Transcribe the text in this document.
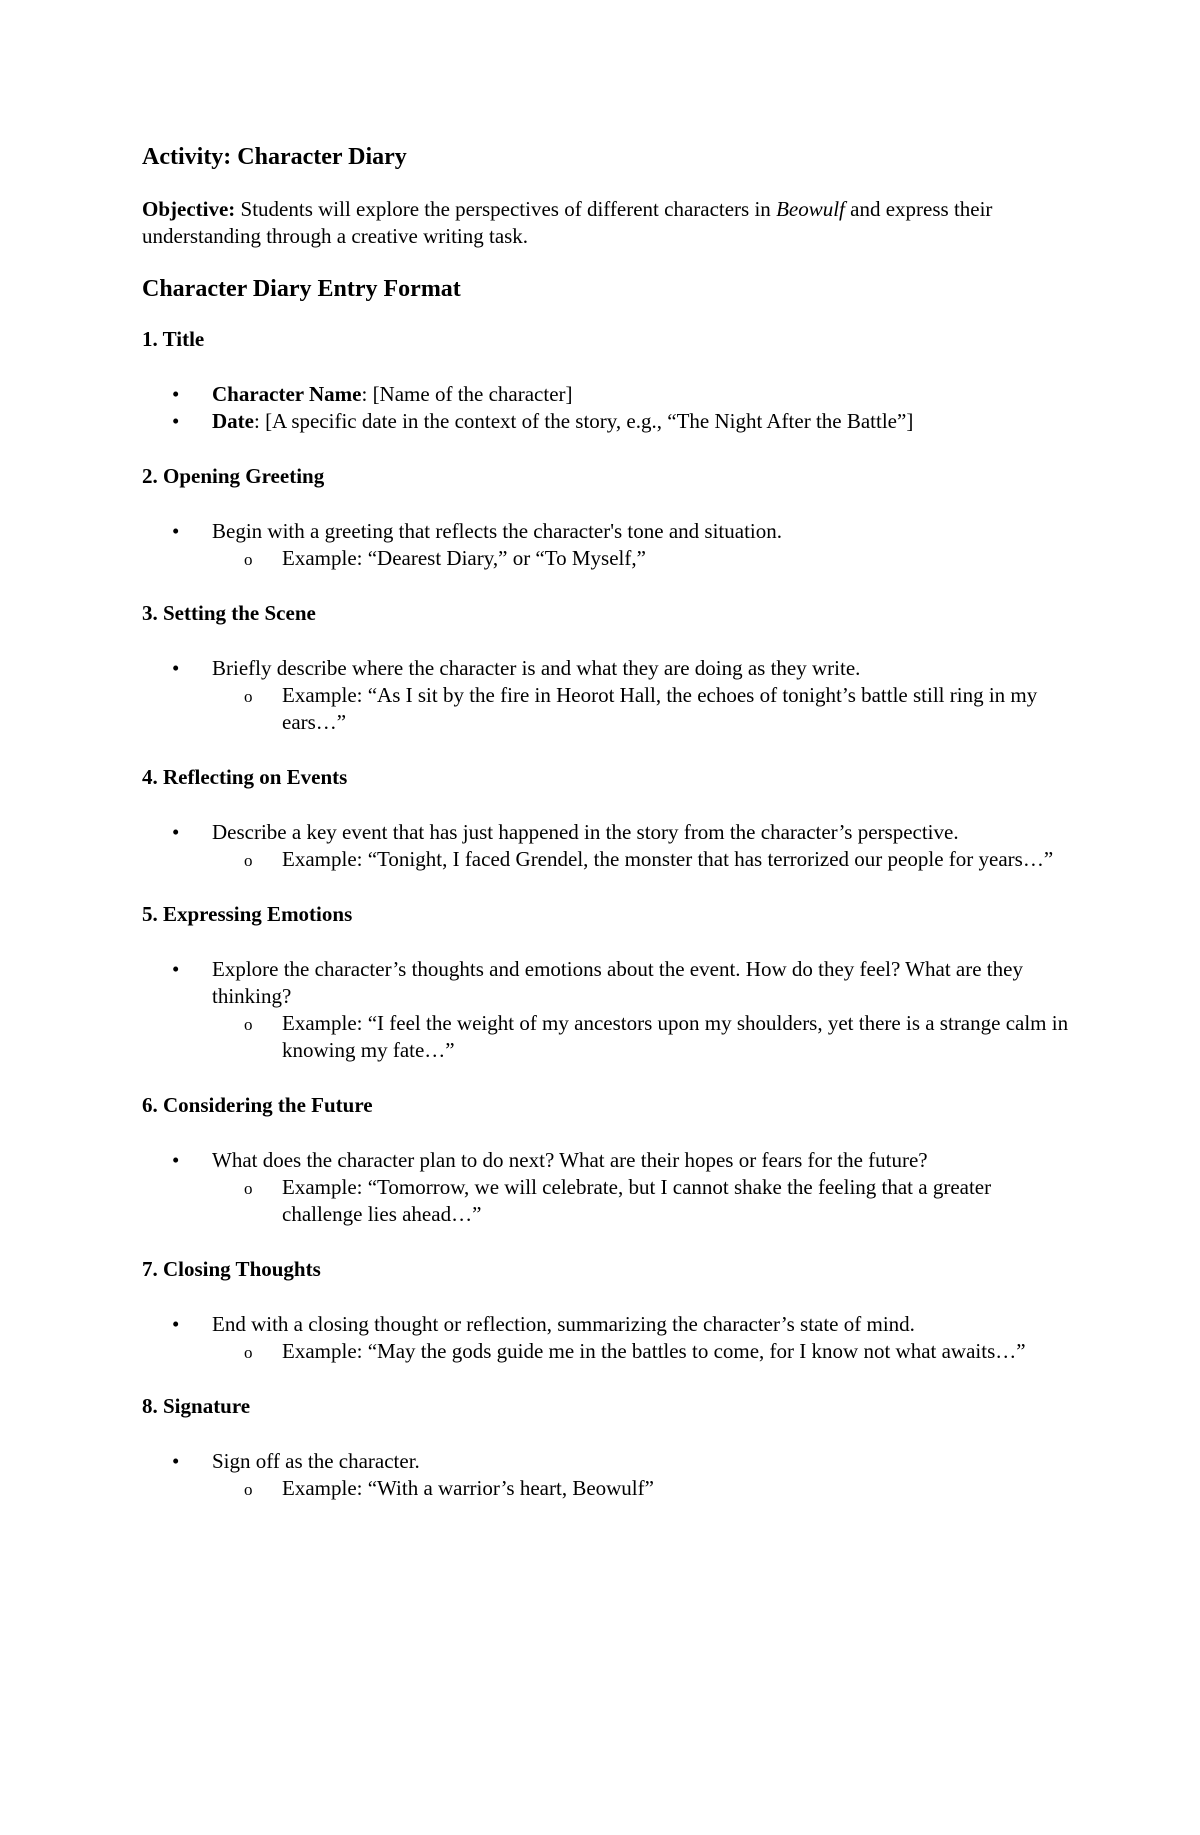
Activity: Character Diary

Objective: Students will explore the perspectives of different characters in Beowulf and express their understanding through a creative writing task.

Character Diary Entry Format
1. Title
• Character Name: [Name of the character]
• Date: [A specific date in the context of the story, e.g., “The Night After the Battle”]
2. Opening Greeting
• Begin with a greeting that reflects the character's tone and situation.
o Example: “Dearest Diary,” or “To Myself,”
3. Setting the Scene
• Briefly describe where the character is and what they are doing as they write.
o Example: “As I sit by the fire in Heorot Hall, the echoes of tonight’s battle still ring in my ears…”
4. Reflecting on Events
• Describe a key event that has just happened in the story from the character’s perspective.
o Example: “Tonight, I faced Grendel, the monster that has terrorized our people for years…”
5. Expressing Emotions
• Explore the character’s thoughts and emotions about the event. How do they feel? What are they thinking?
o Example: “I feel the weight of my ancestors upon my shoulders, yet there is a strange calm in knowing my fate…”
6. Considering the Future
• What does the character plan to do next? What are their hopes or fears for the future?
o Example: “Tomorrow, we will celebrate, but I cannot shake the feeling that a greater challenge lies ahead…”
7. Closing Thoughts
• End with a closing thought or reflection, summarizing the character’s state of mind.
o Example: “May the gods guide me in the battles to come, for I know not what awaits…”
8. Signature
• Sign off as the character.
o Example: “With a warrior’s heart, Beowulf”
